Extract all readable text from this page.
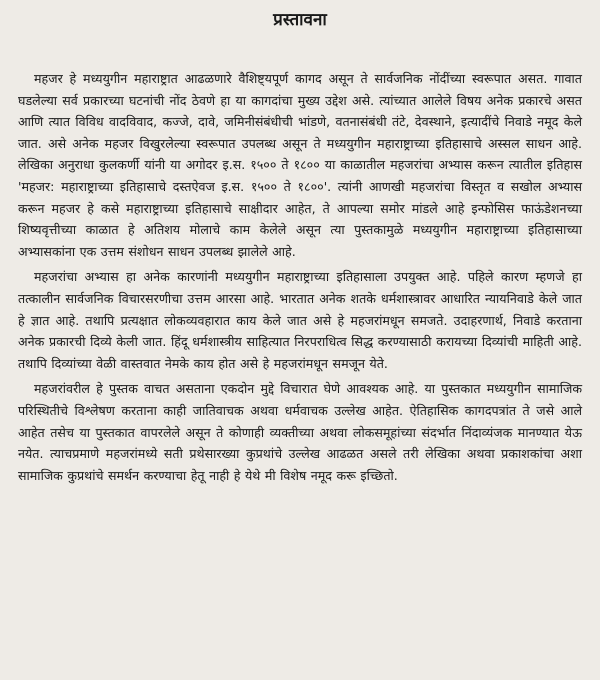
प्रस्तावना

महजर हे मध्ययुगीन महाराष्ट्रात आढळणारे वैशिष्ट्यपूर्ण कागद असून ते सार्वजनिक नोंदींच्या स्वरूपात असत. गावात घडलेल्या सर्व प्रकारच्या घटनांची नोंद ठेवणे हा या कागदांचा मुख्य उद्देश असे. त्यांच्यात आलेले विषय अनेक प्रकारचे असत आणि त्यात विविध वादविवाद, कज्जे, दावे, जमिनीसंबंधीची भांडणे, वतनासंबंधी तंटे, देवस्थाने, इत्यादींचे निवाडे नमूद केले जात. असे अनेक महजर विखुरलेल्या स्वरूपात उपलब्ध असून ते मध्ययुगीन महाराष्ट्राच्या इतिहासाचे अस्सल साधन आहे. लेखिका अनुराधा कुलकर्णी यांनी या अगोदर इ.स. १५०० ते १८०० या काळातील महजरांचा अभ्यास करून त्यातील इतिहास 'महजर: महाराष्ट्राच्या इतिहासाचे दस्तऐवज इ.स. १५०० ते १८००'. त्यांनी आणखी महजरांचा विस्तृत व सखोल अभ्यास करून महजर हे कसे महाराष्ट्राच्या इतिहासाचे साक्षीदार आहेत, ते आपल्या समोर मांडले आहे इन्फोसिस फाऊंडेशनच्या शिष्यवृत्तीच्या काळात हे अतिशय मोलाचे काम केलेले असून त्या पुस्तकामुळे मध्ययुगीन महाराष्ट्राच्या इतिहासाच्या अभ्यासकांना एक उत्तम संशोधन साधन उपलब्ध झालेले आहे.

महजरांचा अभ्यास हा अनेक कारणांनी मध्ययुगीन महाराष्ट्राच्या इतिहासाला उपयुक्त आहे. पहिले कारण म्हणजे हा तत्कालीन सार्वजनिक विचारसरणीचा उत्तम आरसा आहे. भारतात अनेक शतके धर्मशास्त्रावर आधारित न्यायनिवाडे केले जात हे ज्ञात आहे. तथापि प्रत्यक्षात लोकव्यवहारात काय केले जात असे हे महजरांमधून समजते. उदाहरणार्थ, निवाडे करताना अनेक प्रकारची दिव्ये केली जात. हिंदू धर्मशास्त्रीय साहित्यात निरपराधित्व सिद्ध करण्यासाठी करायच्या दिव्यांची माहिती आहे. तथापि दिव्यांच्या वेळी वास्तवात नेमके काय होत असे हे महजरांमधून समजून येते.

महजरांवरील हे पुस्तक वाचत असताना एकदोन मुद्दे विचारात घेणे आवश्यक आहे. या पुस्तकात मध्ययुगीन सामाजिक परिस्थितीचे विश्लेषण करताना काही जातिवाचक अथवा धर्मवाचक उल्लेख आहेत. ऐतिहासिक कागदपत्रांत ते जसे आले आहेत तसेच या पुस्तकात वापरलेले असून ते कोणाही व्यक्तीच्या अथवा लोकसमूहांच्या संदर्भात निंदाव्यंजक मानण्यात येऊ नयेत. त्याचप्रमाणे महजरांमध्ये सती प्रथेसारख्या कुप्रथांचे उल्लेख आढळत असले तरी लेखिका अथवा प्रकाशकांचा अशा सामाजिक कुप्रथांचे समर्थन करण्याचा हेतू नाही हे येथे मी विशेष नमूद करू इच्छितो.
